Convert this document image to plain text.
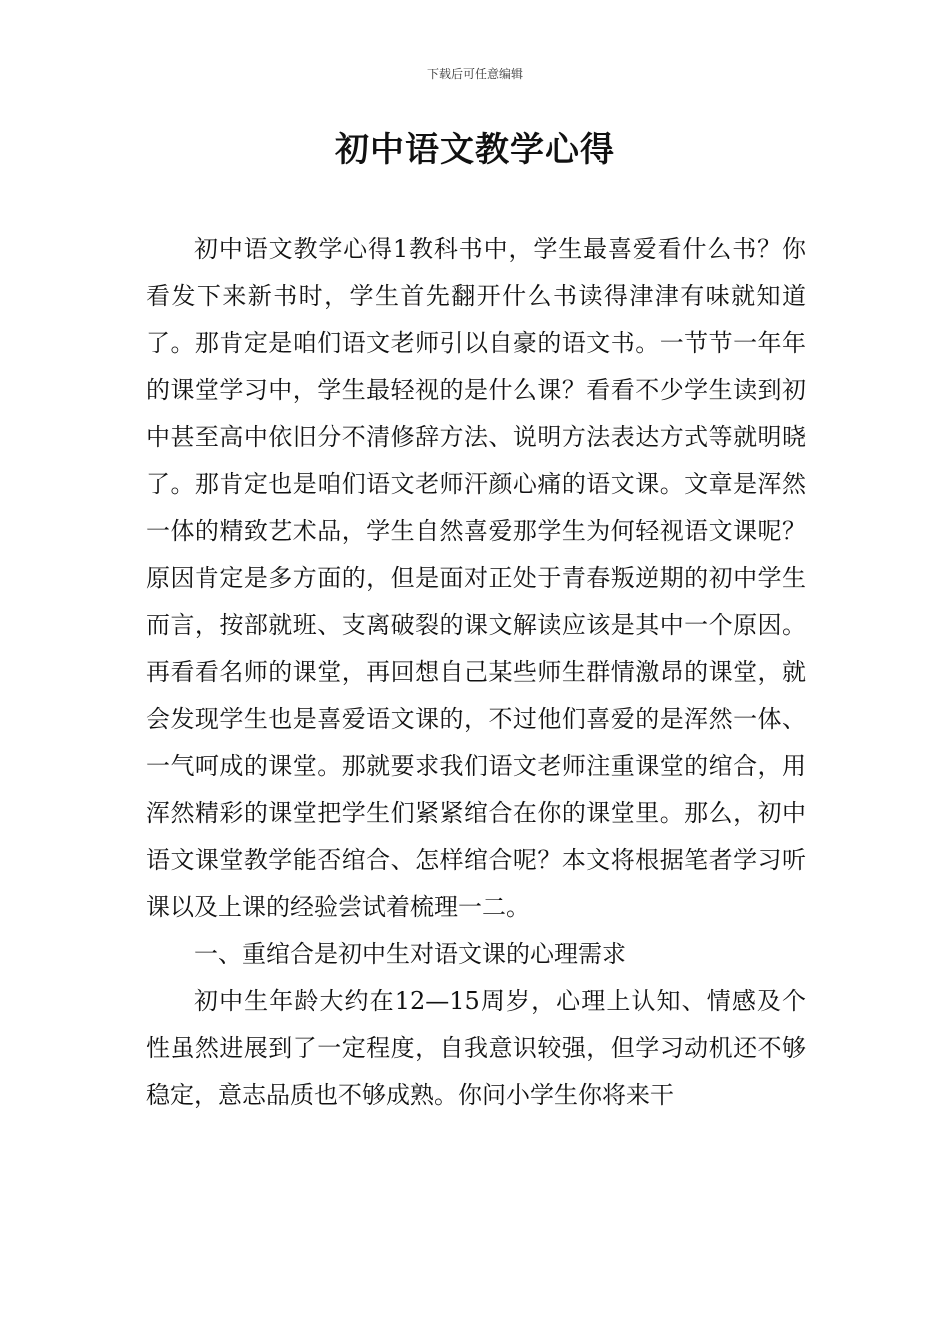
下载后可任意编辑
初中语文教学心得

初中语文教学心得1教科书中，学生最喜爱看什么书？你看发下来新书时，学生首先翻开什么书读得津津有味就知道了。那肯定是咱们语文老师引以自豪的语文书。一节节一年年的课堂学习中，学生最轻视的是什么课？看看不少学生读到初中甚至高中依旧分不清修辞方法、说明方法表达方式等就明晓了。那肯定也是咱们语文老师汗颜心痛的语文课。文章是浑然一体的精致艺术品，学生自然喜爱那学生为何轻视语文课呢？原因肯定是多方面的，但是面对正处于青春叛逆期的初中学生而言，按部就班、支离破裂的课文解读应该是其中一个原因。再看看名师的课堂，再回想自己某些师生群情激昂的课堂，就会发现学生也是喜爱语文课的，不过他们喜爱的是浑然一体、一气呵成的课堂。那就要求我们语文老师注重课堂的绾合，用浑然精彩的课堂把学生们紧紧绾合在你的课堂里。那么，初中语文课堂教学能否绾合、怎样绾合呢？本文将根据笔者学习听课以及上课的经验尝试着梳理一二。

一、重绾合是初中生对语文课的心理需求

初中生年龄大约在12—15周岁，心理上认知、情感及个性虽然进展到了一定程度，自我意识较强，但学习动机还不够稳定，意志品质也不够成熟。你问小学生你将来干
